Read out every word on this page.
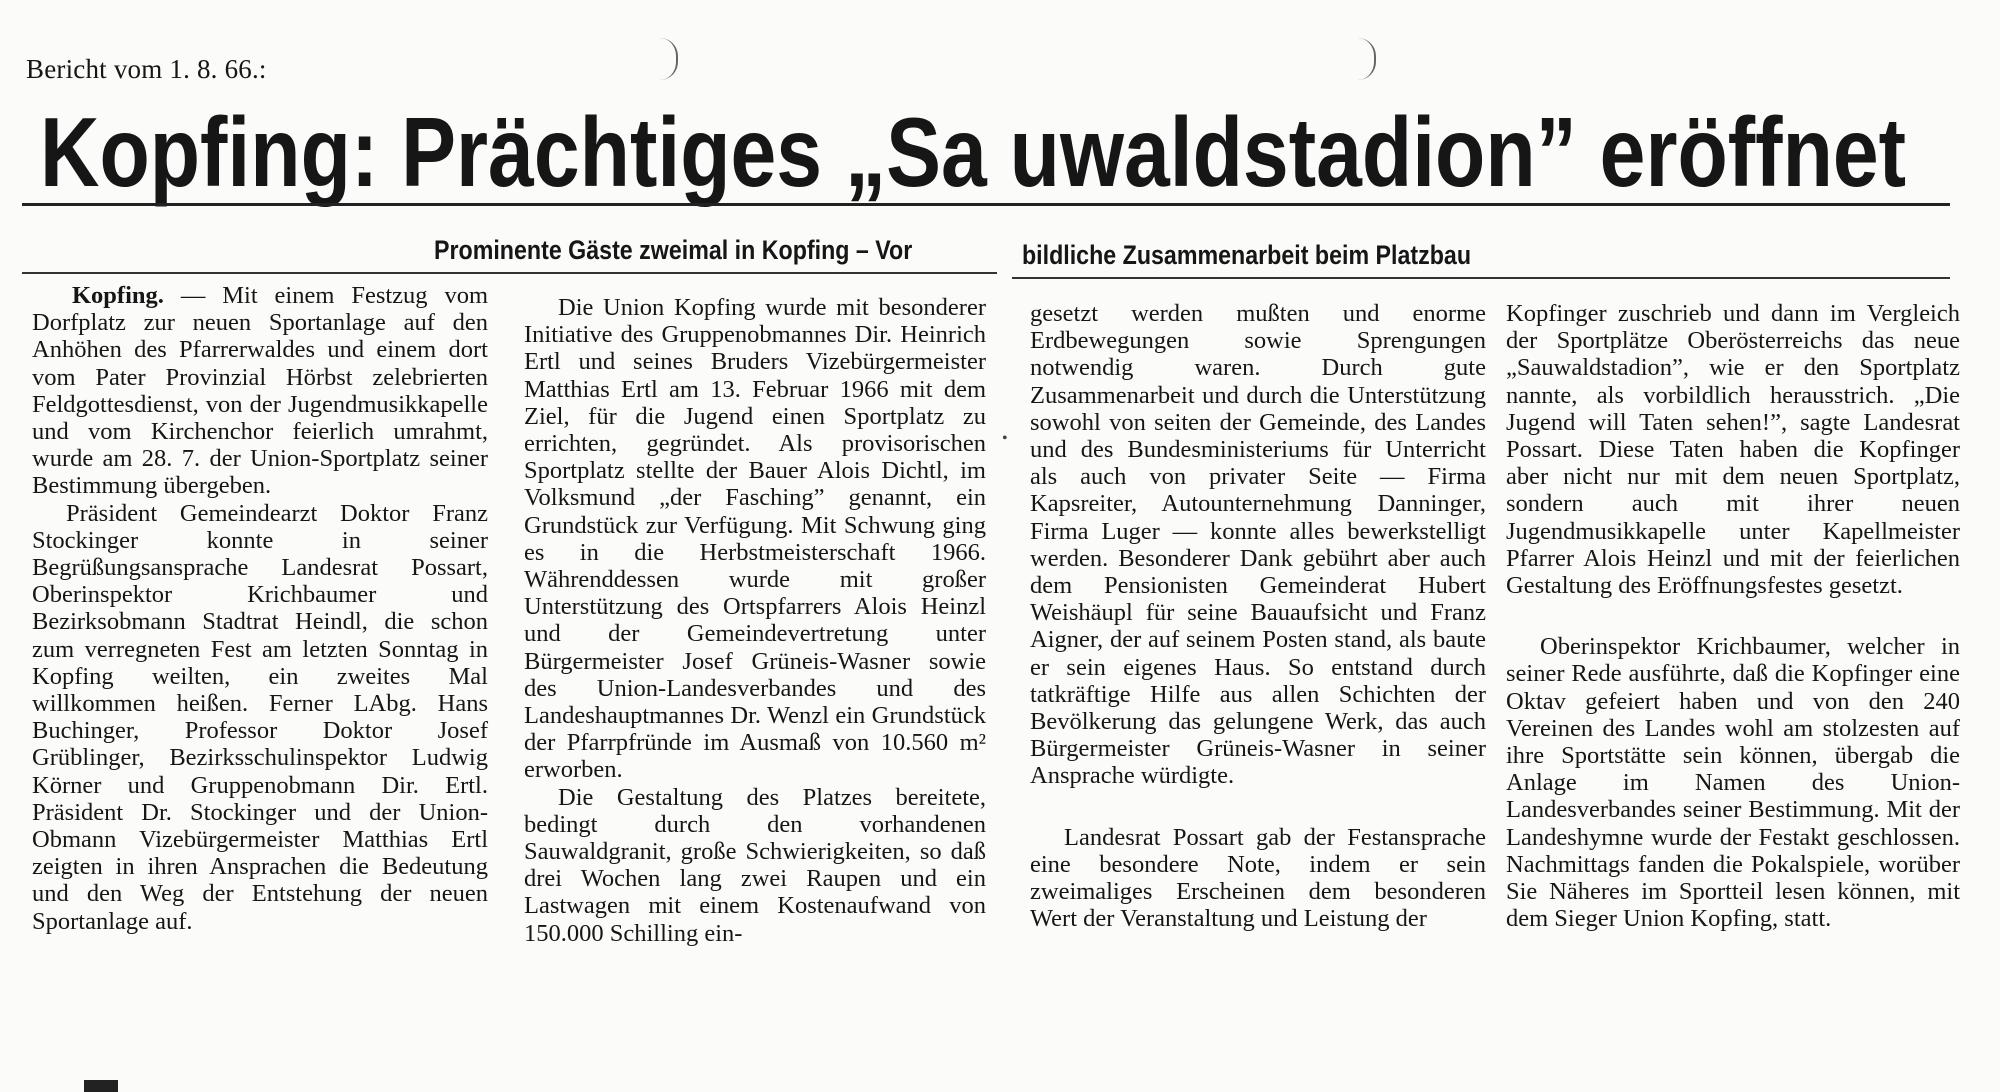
Bericht vom 1. 8. 66.:
Kopfing: Prächtiges „Sa uwaldstadion” eröffnet
Prominente Gäste zweimal in Kopfing – Vor	bildliche Zusammenarbeit beim Platzbau

Kopfing. — Mit einem Festzug vom Dorfplatz zur neuen Sportanlage auf den Anhöhen des Pfarrerwaldes und einem dort vom Pater Provinzial Hörbst zelebrierten Feldgottesdienst, von der Jugendmusikkapelle und vom Kirchenchor feierlich umrahmt, wurde am 28. 7. der Union-Sportplatz seiner Bestimmung übergeben.

Präsident Gemeindearzt Doktor Franz Stockinger konnte in seiner Begrüßungsansprache Landesrat Possart, Oberinspektor Krichbaumer und Bezirksobmann Stadtrat Heindl, die schon zum verregneten Fest am letzten Sonntag in Kopfing weilten, ein zweites Mal willkommen heißen. Ferner LAbg. Hans Buchinger, Professor Doktor Josef Grüblinger, Bezirksschulinspektor Ludwig Körner und Gruppenobmann Dir. Ertl. Präsident Dr. Stockinger und der Union-Obmann Vizebürgermeister Matthias Ertl zeigten in ihren Ansprachen die Bedeutung und den Weg der Entstehung der neuen Sportanlage auf.

Die Union Kopfing wurde mit besonderer Initiative des Gruppenobmannes Dir. Heinrich Ertl und seines Bruders Vizebürgermeister Matthias Ertl am 13. Februar 1966 mit dem Ziel, für die Jugend einen Sportplatz zu errichten, gegründet. Als provisorischen Sportplatz stellte der Bauer Alois Dichtl, im Volksmund „der Fasching” genannt, ein Grundstück zur Verfügung. Mit Schwung ging es in die Herbstmeisterschaft 1966. Währenddessen wurde mit großer Unterstützung des Ortspfarrers Alois Heinzl und der Gemeindevertretung unter Bürgermeister Josef Grüneis-Wasner sowie des Union-Landesverbandes und des Landeshauptmannes Dr. Wenzl ein Grundstück der Pfarrpfründe im Ausmaß von 10.560 m² erworben.

Die Gestaltung des Platzes bereitete, bedingt durch den vorhandenen Sauwaldgranit, große Schwierigkeiten, so daß drei Wochen lang zwei Raupen und ein Lastwagen mit einem Kostenaufwand von 150.000 Schilling ein-

•

gesetzt werden mußten und enorme Erdbewegungen sowie Sprengungen notwendig waren. Durch gute Zusammenarbeit und durch die Unterstützung sowohl von seiten der Gemeinde, des Landes und des Bundesministeriums für Unterricht als auch von privater Seite — Firma Kapsreiter, Autounternehmung Danninger, Firma Luger — konnte alles bewerkstelligt werden. Besonderer Dank gebührt aber auch dem Pensionisten Gemeinderat Hubert Weishäupl für seine Bauaufsicht und Franz Aigner, der auf seinem Posten stand, als baute er sein eigenes Haus. So entstand durch tatkräftige Hilfe aus allen Schichten der Bevölkerung das gelungene Werk, das auch Bürgermeister Grüneis-Wasner in seiner Ansprache würdigte.

Landesrat Possart gab der Festansprache eine besondere Note, indem er sein zweimaliges Erscheinen dem besonderen Wert der Veranstaltung und Leistung der

Kopfinger zuschrieb und dann im Vergleich der Sportplätze Oberösterreichs das neue „Sauwaldstadion”, wie er den Sportplatz nannte, als vorbildlich herausstrich. „Die Jugend will Taten sehen!”, sagte Landesrat Possart. Diese Taten haben die Kopfinger aber nicht nur mit dem neuen Sportplatz, sondern auch mit ihrer neuen Jugendmusikkapelle unter Kapellmeister Pfarrer Alois Heinzl und mit der feierlichen Gestaltung des Eröffnungsfestes gesetzt.

Oberinspektor Krichbaumer, welcher in seiner Rede ausführte, daß die Kopfinger eine Oktav gefeiert haben und von den 240 Vereinen des Landes wohl am stolzesten auf ihre Sportstätte sein können, übergab die Anlage im Namen des Union-Landesverbandes seiner Bestimmung. Mit der Landeshymne wurde der Festakt geschlossen. Nachmittags fanden die Pokalspiele, worüber Sie Näheres im Sportteil lesen können, mit dem Sieger Union Kopfing, statt.
